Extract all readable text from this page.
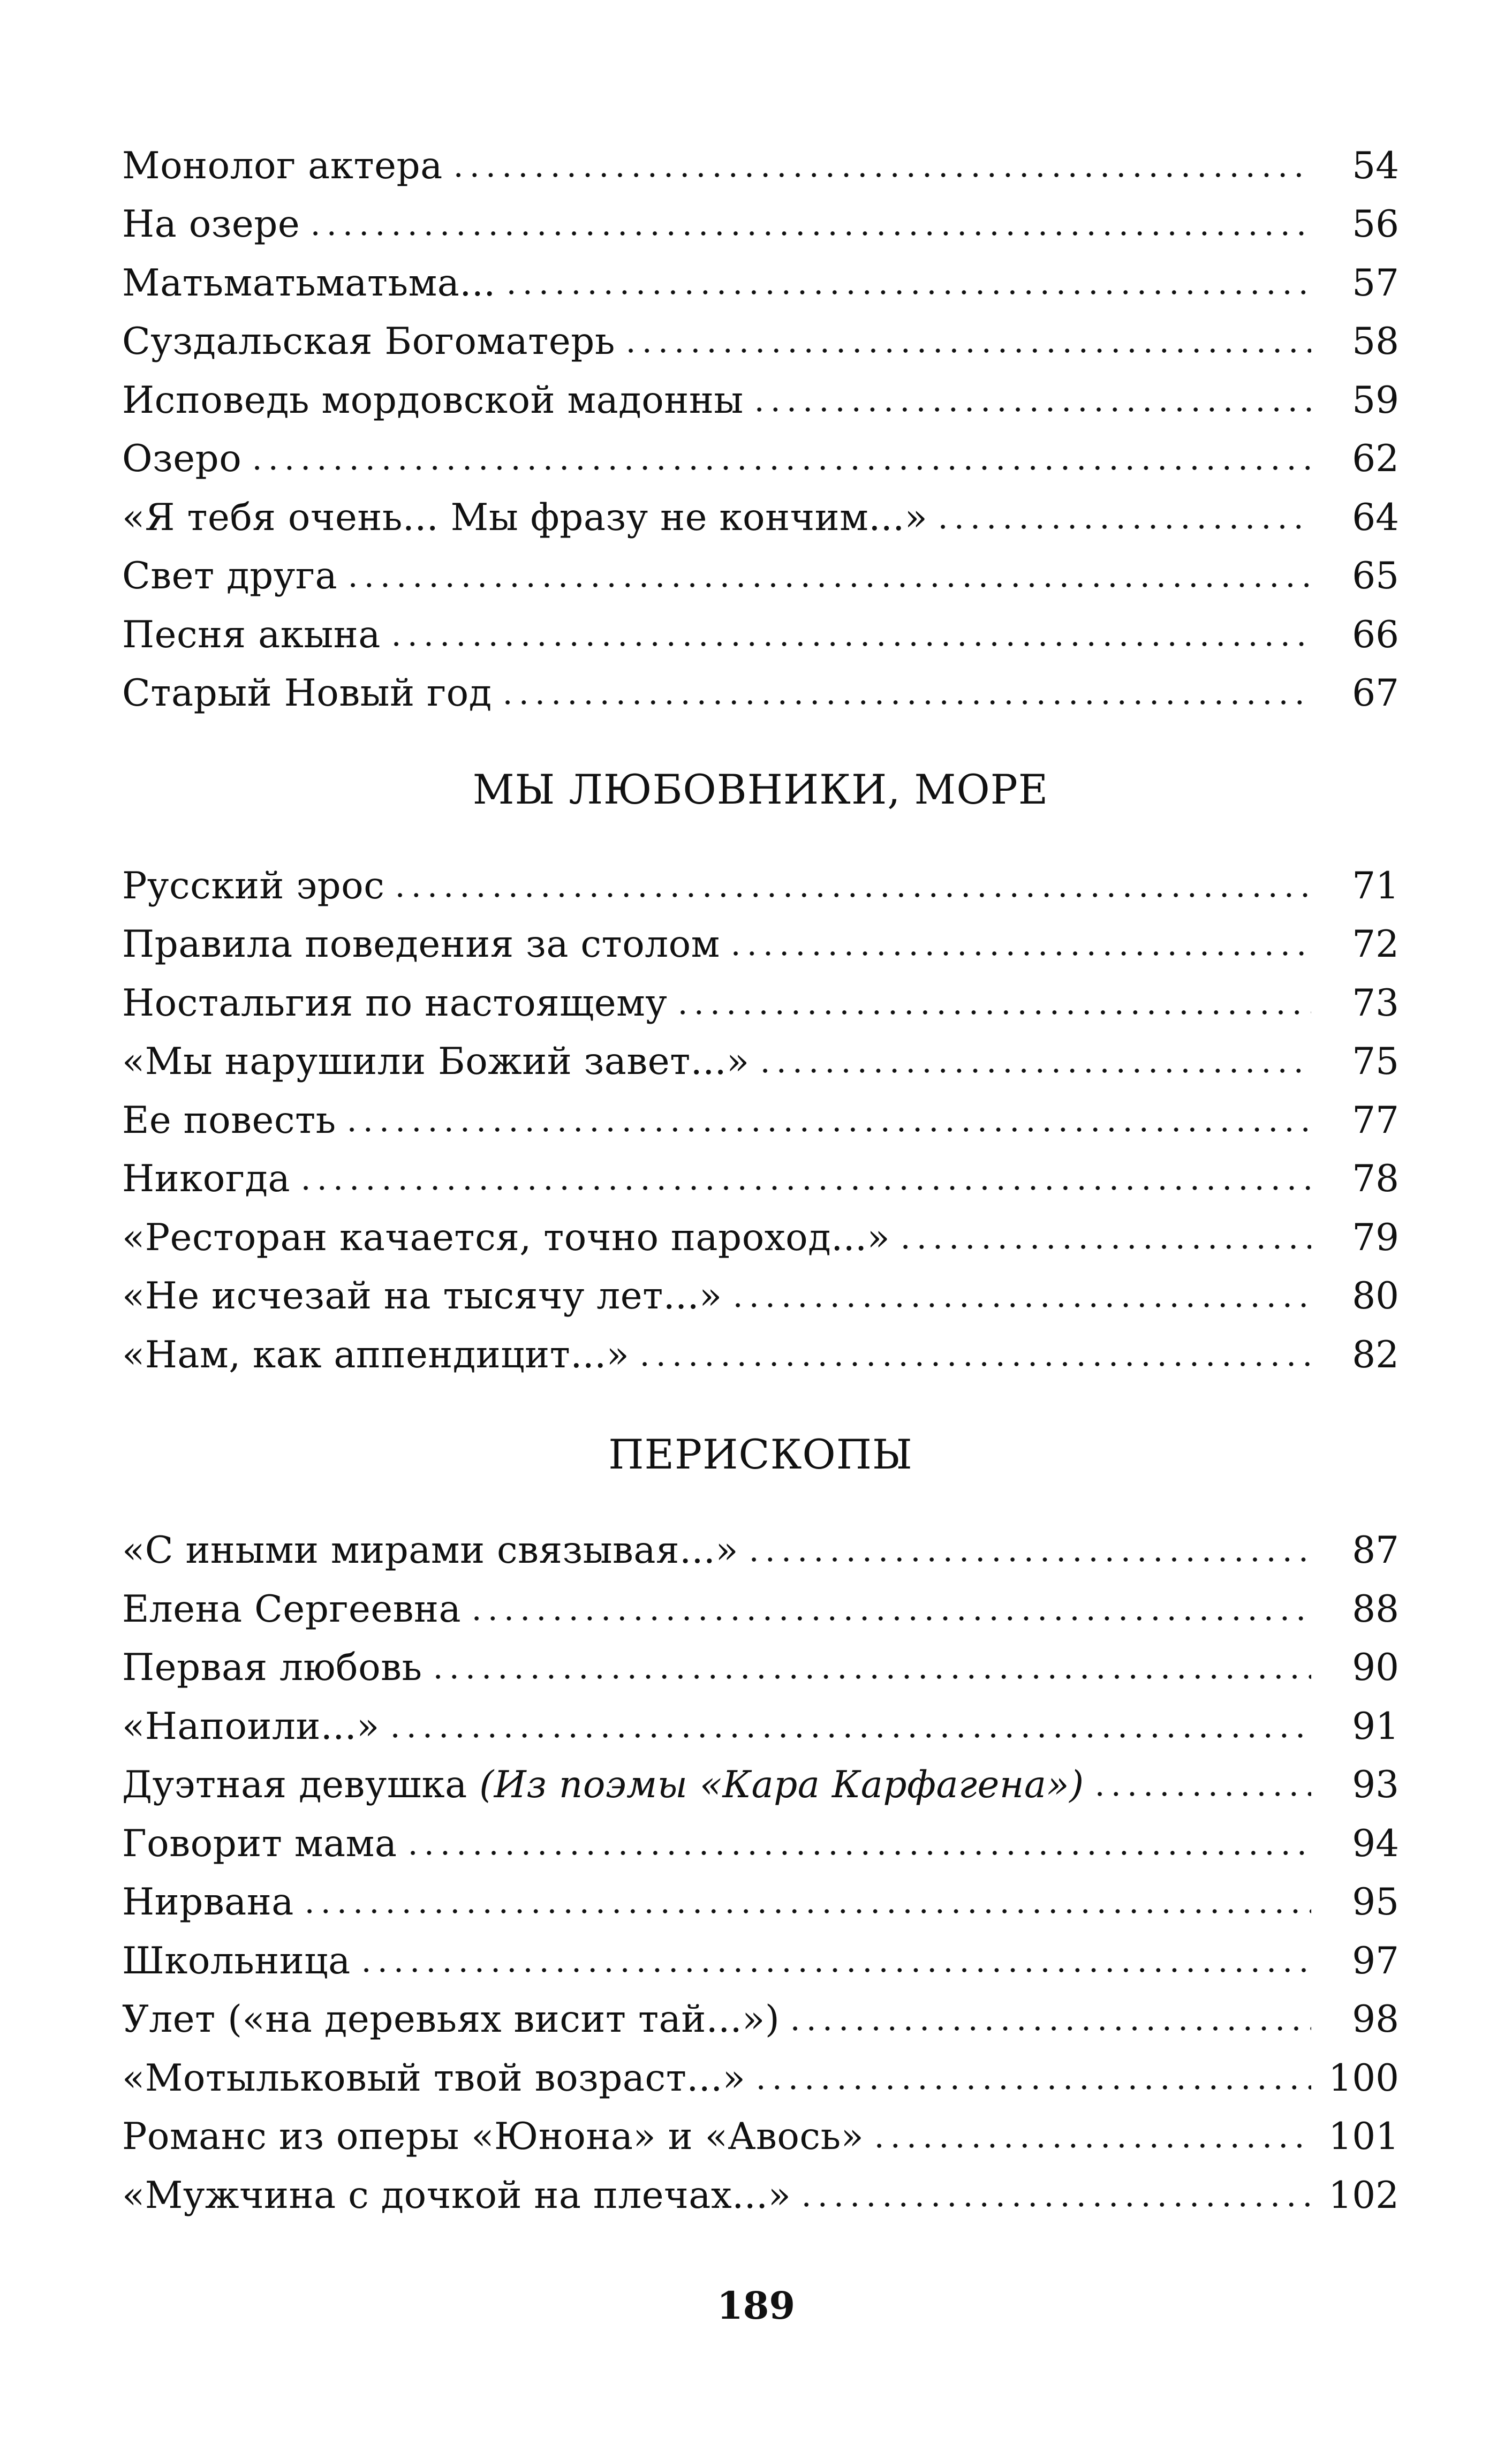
Монолог актера	54
На озере	56
Матьматьматьма...	57
Суздальская Богоматерь	58
Исповедь мордовской мадонны	59
Озеро	62
«Я тебя очень... Мы фразу не кончим...»	64
Свет друга	65
Песня акына	66
Старый Новый год	67
МЫ ЛЮБОВНИКИ, МОРЕ
Русский эрос	71
Правила поведения за столом	72
Ностальгия по настоящему	73
«Мы нарушили Божий завет...»	75
Ее повесть	77
Никогда	78
«Ресторан качается, точно пароход...»	79
«Не исчезай на тысячу лет...»	80
«Нам, как аппендицит...»	82
ПЕРИСКОПЫ
«С иными мирами связывая...»	87
Елена Сергеевна	88
Первая любовь	90
«Напоили...»	91
Дуэтная девушка (Из поэмы «Кара Карфагена»)	93
Говорит мама	94
Нирвана	95
Школьница	97
Улет («на деревьях висит тай...»)	98
«Мотыльковый твой возраст...»	100
Романс из оперы «Юнона» и «Авось»	101
«Мужчина с дочкой на плечах...»	102
189
